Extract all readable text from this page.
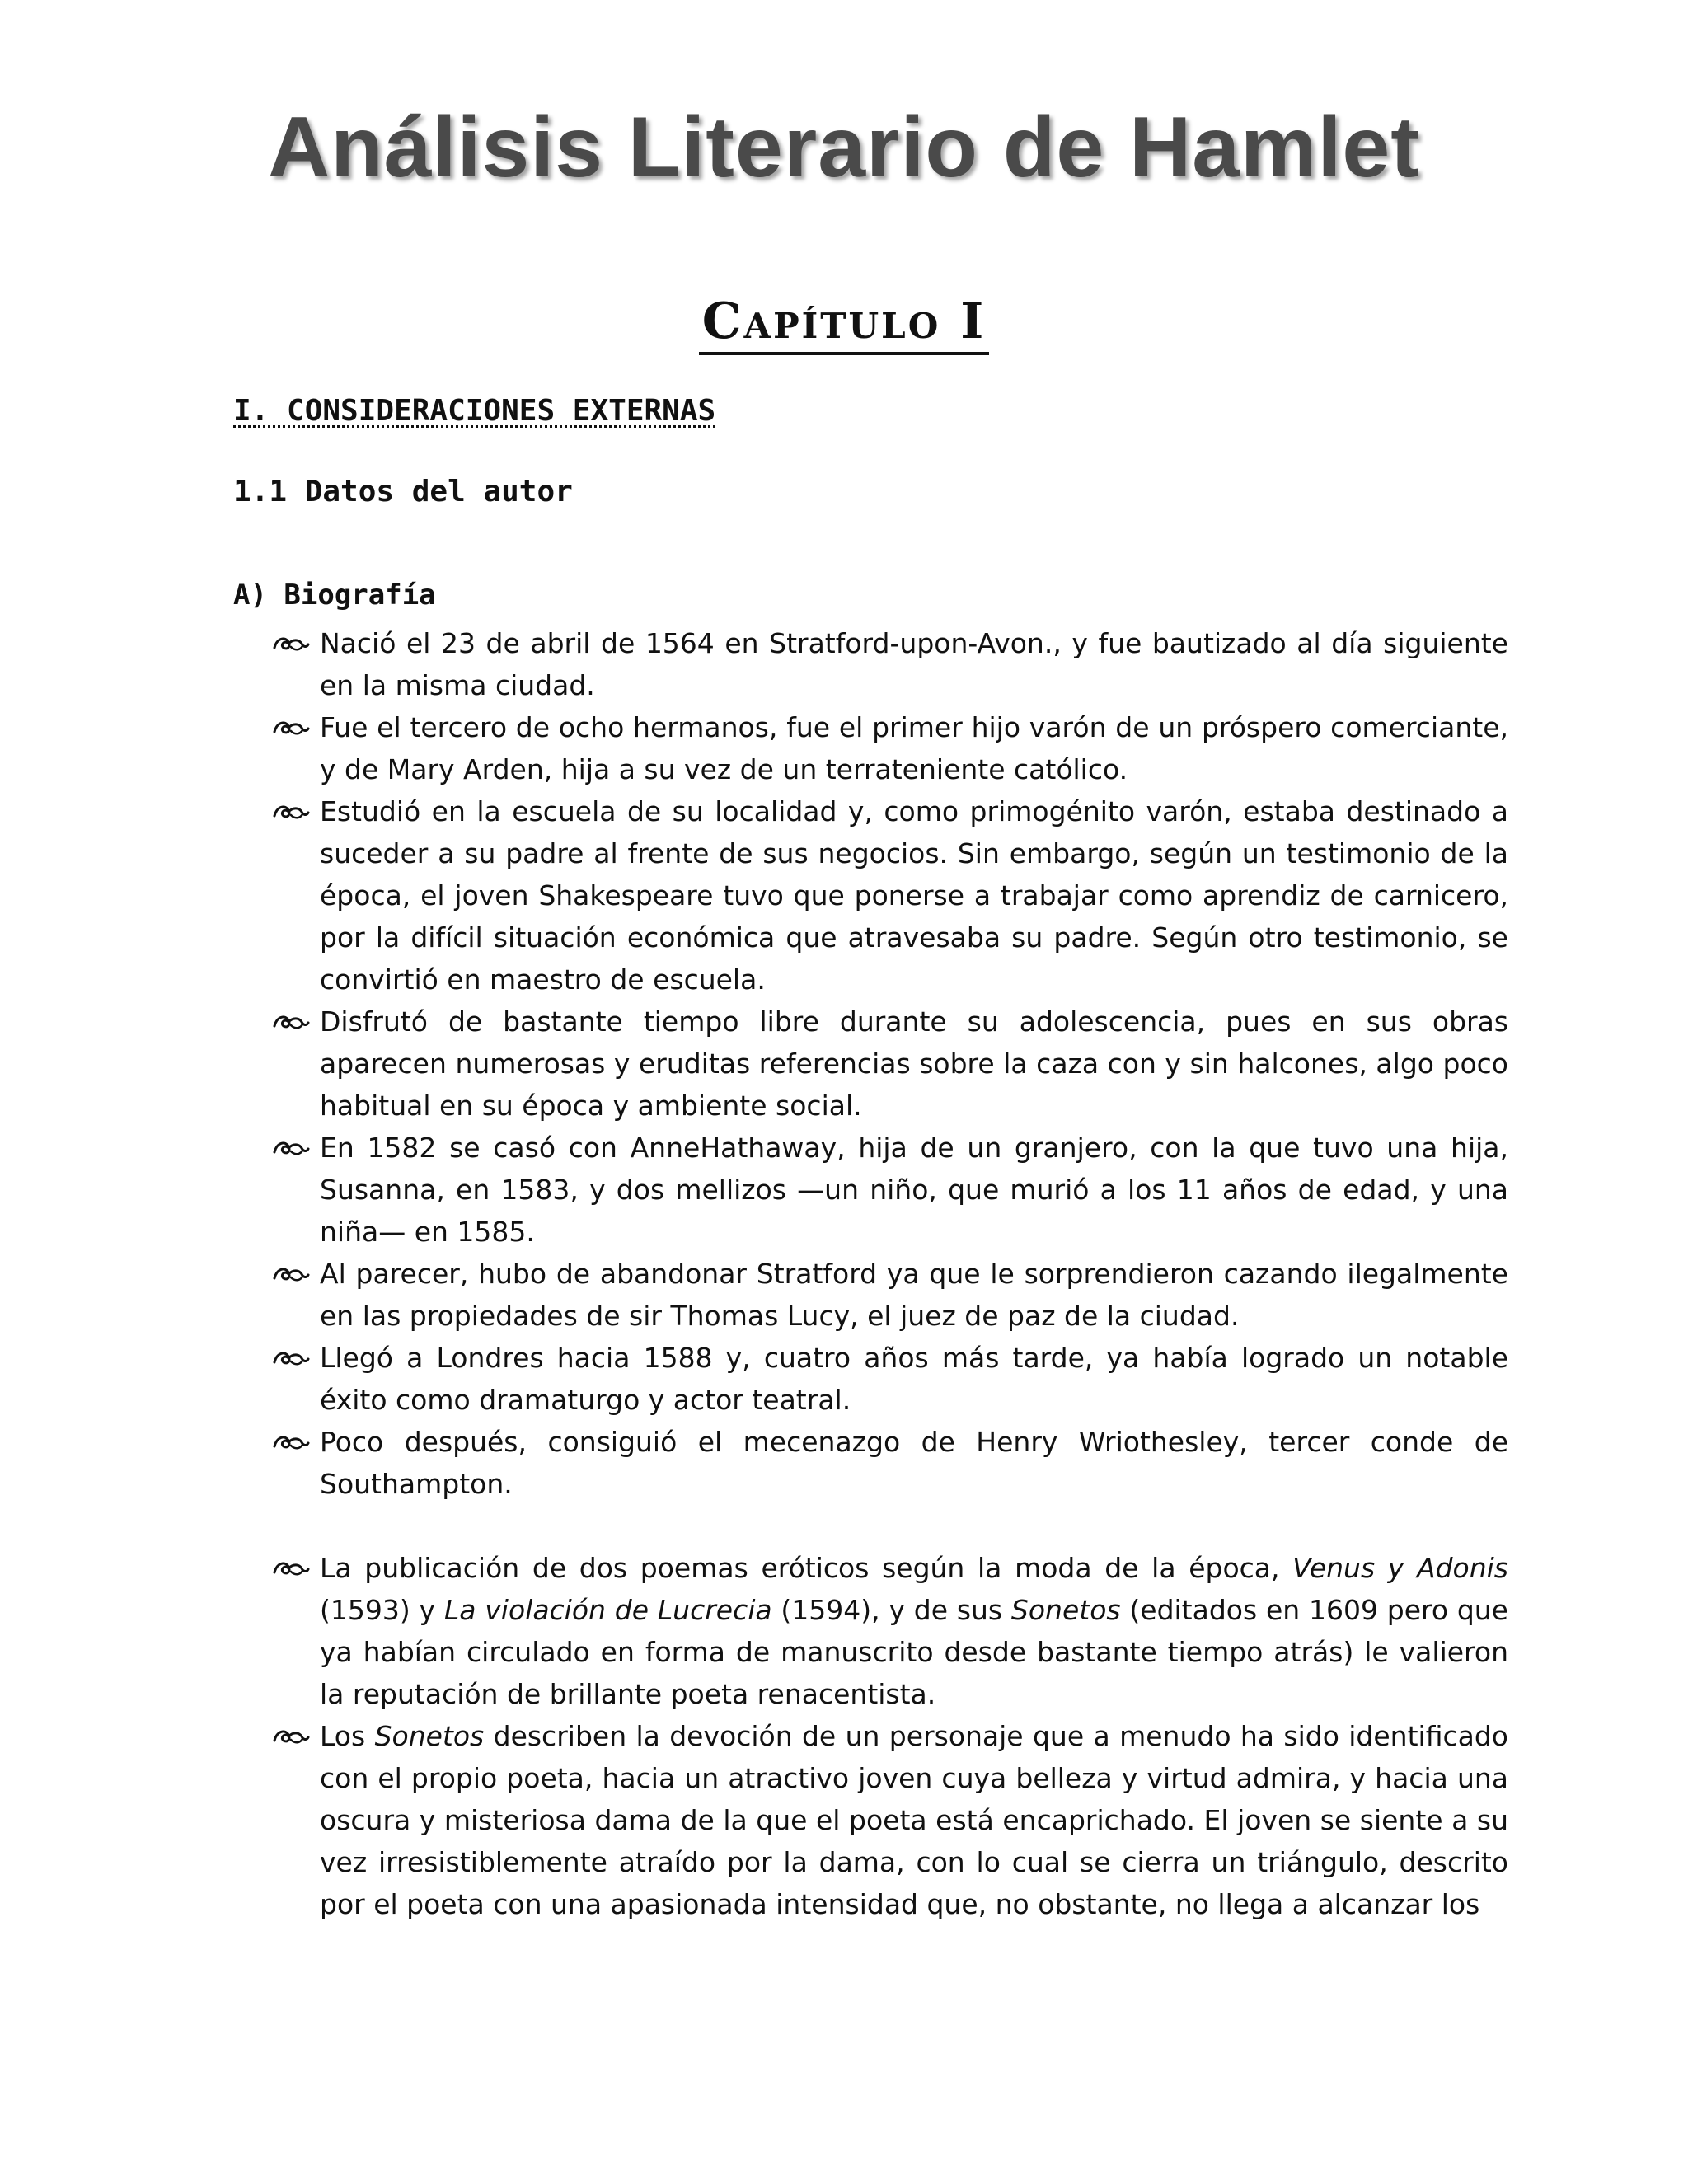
Análisis Literario de Hamlet
Capítulo I
I. CONSIDERACIONES EXTERNAS
1.1 Datos del autor
A) Biografía
Nació el 23 de abril de 1564 en Stratford-upon-Avon., y fue bautizado al día siguiente en la misma ciudad.
Fue el tercero de ocho hermanos, fue el primer hijo varón de un próspero comerciante, y de Mary Arden, hija a su vez de un terrateniente católico.
Estudió en la escuela de su localidad y, como primogénito varón, estaba destinado a suceder a su padre al frente de sus negocios. Sin embargo, según un testimonio de la época, el joven Shakespeare tuvo que ponerse a trabajar como aprendiz de carnicero, por la difícil situación económica que atravesaba su padre. Según otro testimonio, se convirtió en maestro de escuela.
Disfrutó de bastante tiempo libre durante su adolescencia, pues en sus obras aparecen numerosas y eruditas referencias sobre la caza con y sin halcones, algo poco habitual en su época y ambiente social.
En 1582 se casó con AnneHathaway, hija de un granjero, con la que tuvo una hija, Susanna, en 1583, y dos mellizos —un niño, que murió a los 11 años de edad, y una niña— en 1585.
Al parecer, hubo de abandonar Stratford ya que le sorprendieron cazando ilegalmente en las propiedades de sir Thomas Lucy, el juez de paz de la ciudad.
Llegó a Londres hacia 1588 y, cuatro años más tarde, ya había logrado un notable éxito como dramaturgo y actor teatral.
Poco después, consiguió el mecenazgo de Henry Wriothesley, tercer conde de Southampton.
La publicación de dos poemas eróticos según la moda de la época, Venus y Adonis (1593) y La violación de Lucrecia (1594), y de sus Sonetos (editados en 1609 pero que ya habían circulado en forma de manuscrito desde bastante tiempo atrás) le valieron la reputación de brillante poeta renacentista.
Los Sonetos describen la devoción de un personaje que a menudo ha sido identificado con el propio poeta, hacia un atractivo joven cuya belleza y virtud admira, y hacia una oscura y misteriosa dama de la que el poeta está encaprichado. El joven se siente a su vez irresistiblemente atraído por la dama, con lo cual se cierra un triángulo, descrito por el poeta con una apasionada intensidad que, no obstante, no llega a alcanzar los
